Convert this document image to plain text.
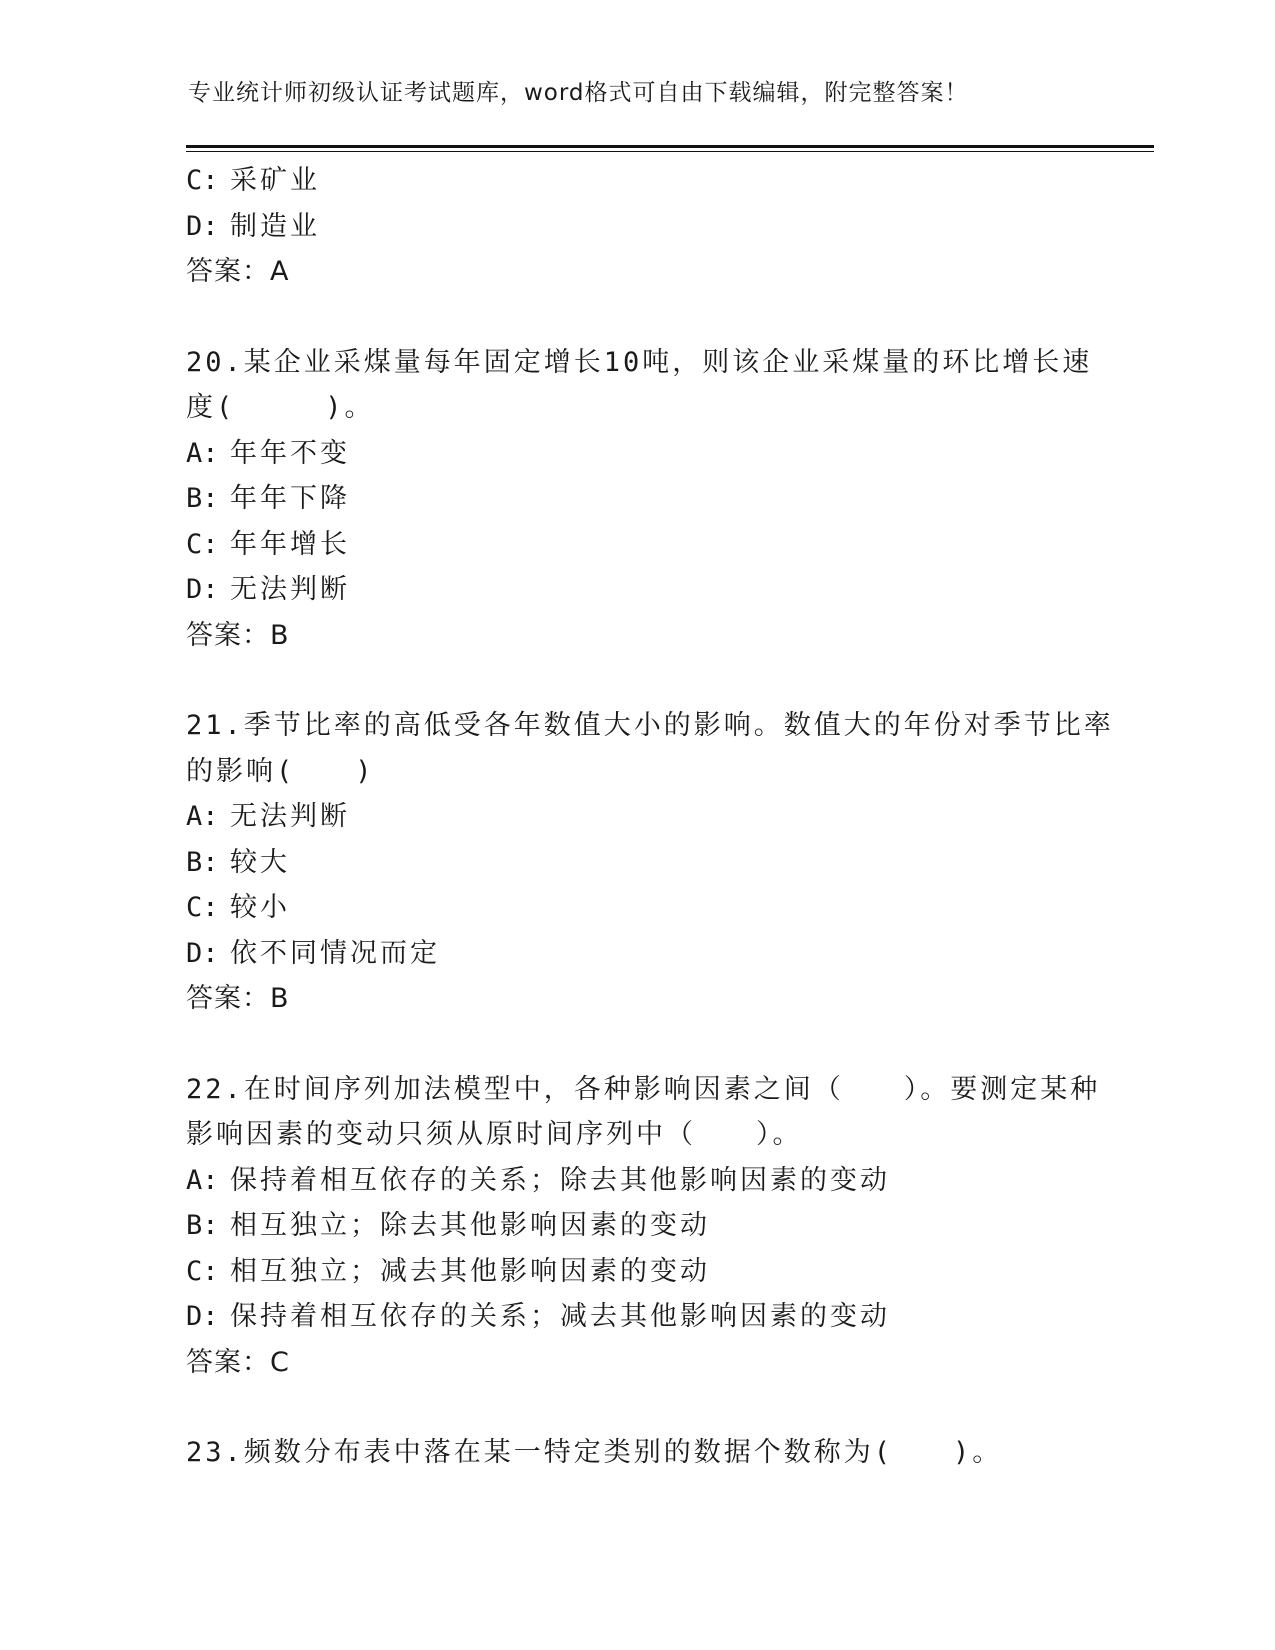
专业统计师初级认证考试题库，word格式可自由下载编辑，附完整答案！
C: 采矿业
D: 制造业
答案：A
20.某企业采煤量每年固定增长10吨，则该企业采煤量的环比增长速
度(　　　)。
A: 年年不变
B: 年年下降
C: 年年增长
D: 无法判断
答案：B
21.季节比率的高低受各年数值大小的影响。数值大的年份对季节比率
的影响(　　)
A: 无法判断
B: 较大
C: 较小
D: 依不同情况而定
答案：B
22.在时间序列加法模型中，各种影响因素之间（　　）。要测定某种
影响因素的变动只须从原时间序列中（　　）。
A: 保持着相互依存的关系；除去其他影响因素的变动
B: 相互独立；除去其他影响因素的变动
C: 相互独立；减去其他影响因素的变动
D: 保持着相互依存的关系；减去其他影响因素的变动
答案：C
23.频数分布表中落在某一特定类别的数据个数称为(　　)。
